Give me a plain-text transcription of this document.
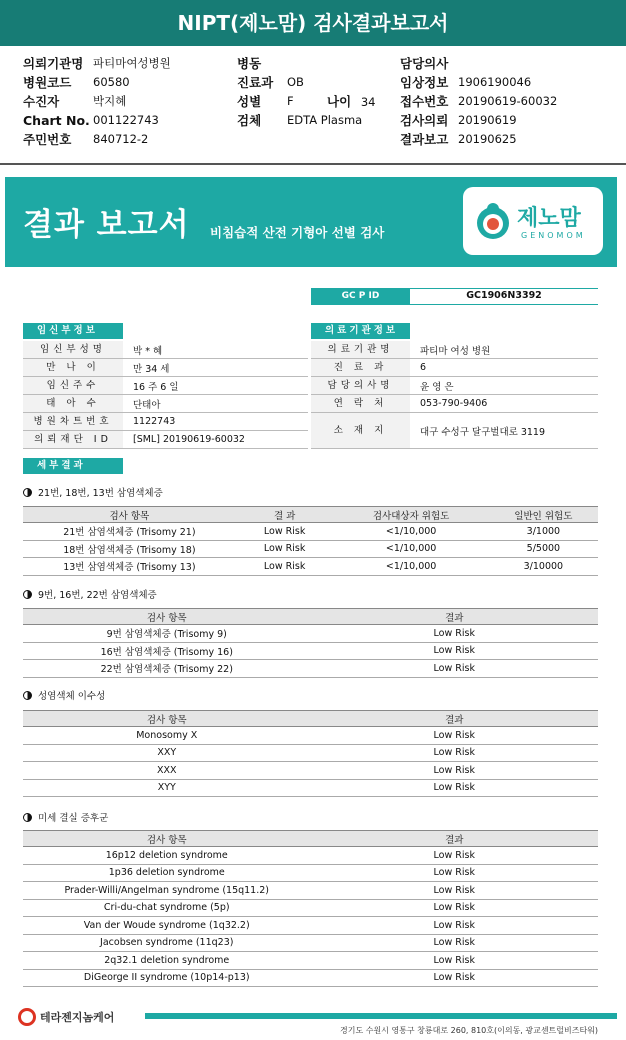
NIPT(제노맘) 검사결과보고서
의뢰기관명 파티마여성병원
병원코드	60580
수진자	박지혜
Chart No. 001122743
주민번호	840712-2
병동
진료과	OB
성별	F
검체	EDTA Plasma
나이 34
담당의사
임상정보 1906190046
접수번호 20190619-60032
검사의뢰 20190619
결과보고 20190625
결과 보고서 비침습적 산전 기형아 선별 검사
제노맘
GENOMOM
GC P ID	GC1906N3392
임신부정보	의료기관정보
임신부성명	박 * 혜
만 나 이	만 34 세
임신주수	16 주 6 일
태 아 수	단태아
병원차트번호	1122743
의뢰재단 ID	[SML] 20190619-60032
의료기관명	파티마 여성 병원
진 료 과	6
담당의사명	윤 영 은
연 락 처	053-790-9406
소 재 지	대구 수성구 달구벌대로 3119
세부결과
21번, 18번, 13번 삼염색체증
검사 항목	결 과	검사대상자 위험도	일반인 위험도
21번 삼염색체증 (Trisomy 21)	Low Risk	<1/10,000	3/1000
18번 삼염색체증 (Trisomy 18)	Low Risk	<1/10,000	5/5000
13번 삼염색체증 (Trisomy 13)	Low Risk	<1/10,000	3/10000
9번, 16번, 22번 삼염색체증
검사 항목	결과
9번 삼염색체증 (Trisomy 9)	Low Risk
16번 삼염색체증 (Trisomy 16)	Low Risk
22번 삼염색체증 (Trisomy 22)	Low Risk
성염색체 이수성
검사 항목	결과
Monosomy X	Low Risk
XXY	Low Risk
XXX	Low Risk
XYY	Low Risk
미세 결실 증후군
검사 항목	결과
16p12 deletion syndrome	Low Risk
1p36 deletion syndrome	Low Risk
Prader-Willi/Angelman syndrome (15q11.2)	Low Risk
Cri-du-chat syndrome (5p)	Low Risk
Van der Woude syndrome (1q32.2)	Low Risk
Jacobsen syndrome (11q23)	Low Risk
2q32.1 deletion syndrome	Low Risk
DiGeorge II syndrome (10p14-p13)	Low Risk
테라젠지놈케어
경기도 수원시 영통구 창룡대로 260, 810호(이의동, 광교센트럴비즈타워)
